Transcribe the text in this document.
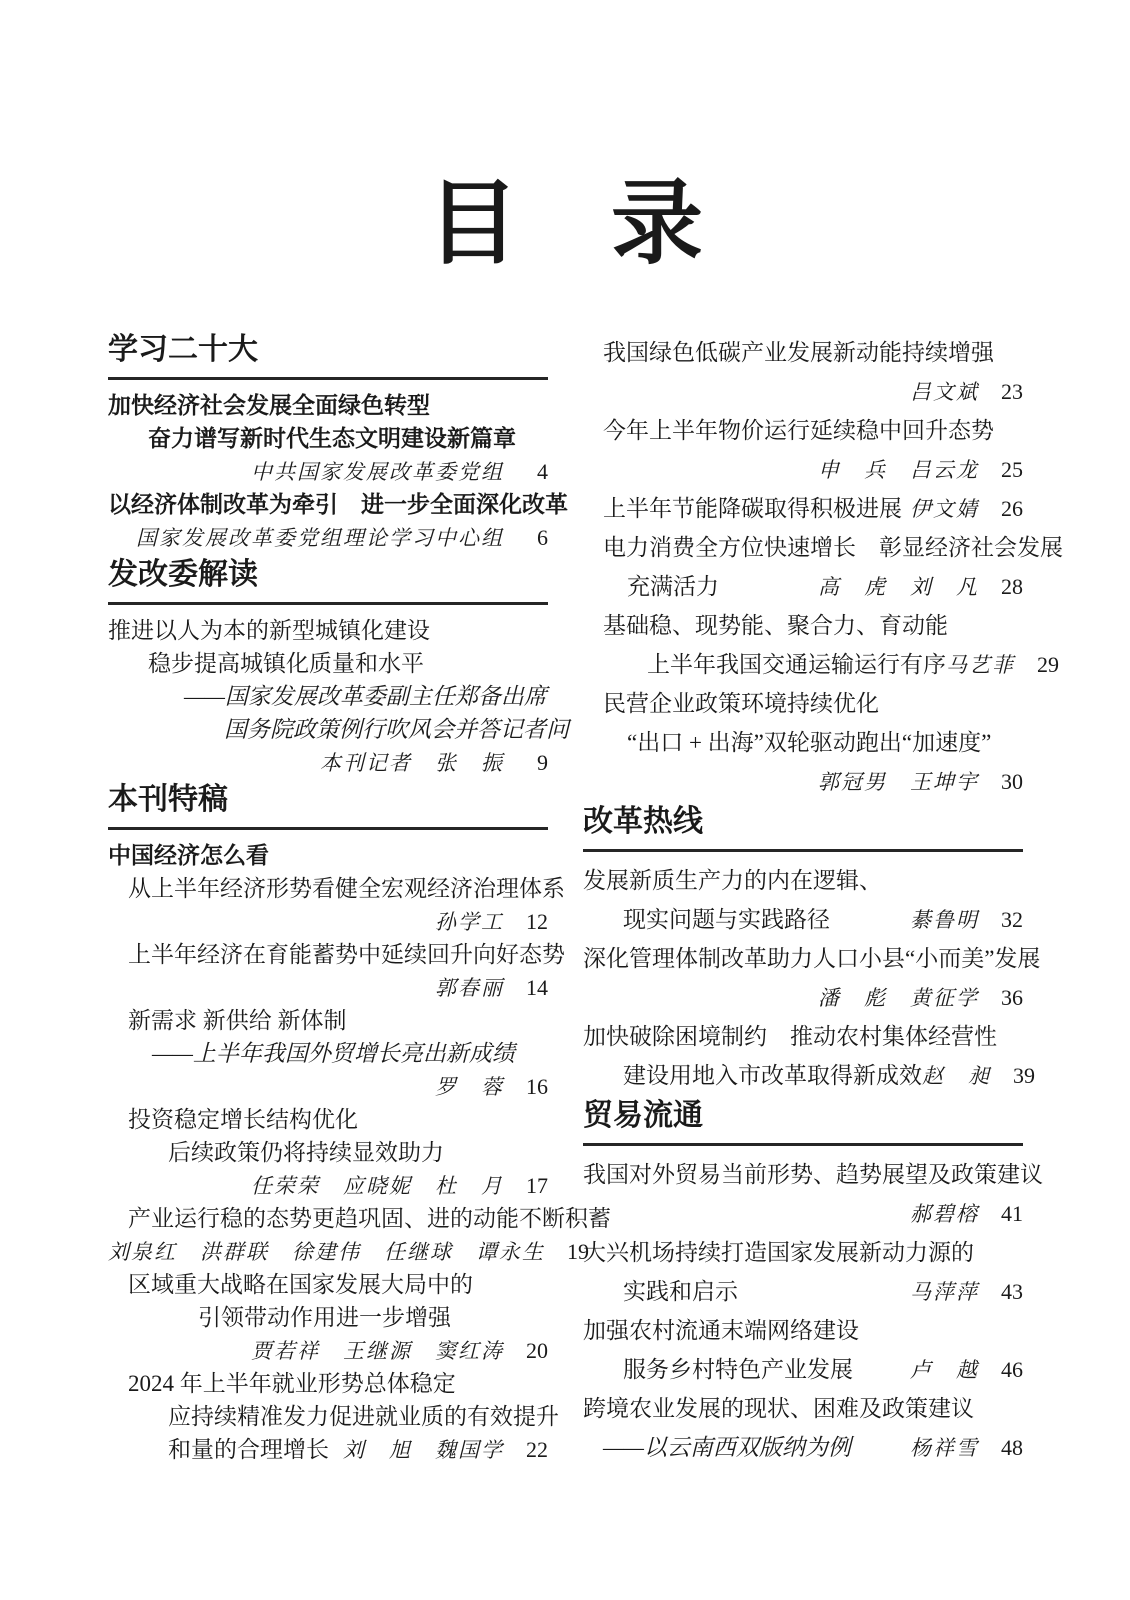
目　录
学习二十大
加快经济社会发展全面绿色转型
奋力谱写新时代生态文明建设新篇章
中共国家发展改革委党组	4
以经济体制改革为牵引　进一步全面深化改革
国家发展改革委党组理论学习中心组	6
发改委解读
推进以人为本的新型城镇化建设
稳步提高城镇化质量和水平
——国家发展改革委副主任郑备出席
国务院政策例行吹风会并答记者问
本刊记者　张　振	9
本刊特稿
中国经济怎么看
从上半年经济形势看健全宏观经济治理体系
孙学工	12
上半年经济在育能蓄势中延续回升向好态势
郭春丽	14
新需求 新供给 新体制
——上半年我国外贸增长亮出新成绩
罗　蓉	16
投资稳定增长结构优化
后续政策仍将持续显效助力
任荣荣　应晓妮　杜　月	17
产业运行稳的态势更趋巩固、进的动能不断积蓄
刘泉红　洪群联　徐建伟　任继球　谭永生	19
区域重大战略在国家发展大局中的
引领带动作用进一步增强
贾若祥　王继源　窦红涛	20
2024 年上半年就业形势总体稳定
应持续精准发力促进就业质的有效提升
和量的合理增长 刘　旭　魏国学	22
我国绿色低碳产业发展新动能持续增强
吕文斌	23
今年上半年物价运行延续稳中回升态势
申　兵　吕云龙	25
上半年节能降碳取得积极进展 伊文婧	26
电力消费全方位快速增长　彰显经济社会发展
充满活力	高　虎　刘　凡	28
基础稳、现势能、聚合力、育动能
上半年我国交通运输运行有序 马艺菲	29
民营企业政策环境持续优化
“出口 + 出海”双轮驱动跑出“加速度”
郭冠男　王坤宇	30
改革热线
发展新质生产力的内在逻辑、
现实问题与实践路径	綦鲁明	32
深化管理体制改革助力人口小县“小而美”发展
潘　彪　黄征学	36
加快破除困境制约　推动农村集体经营性
建设用地入市改革取得新成效 赵　昶	39
贸易流通
我国对外贸易当前形势、趋势展望及政策建议
郝碧榕	41
大兴机场持续打造国家发展新动力源的
实践和启示	马萍萍	43
加强农村流通末端网络建设
服务乡村特色产业发展	卢　越	46
跨境农业发展的现状、困难及政策建议
——以云南西双版纳为例	杨祥雪	48
